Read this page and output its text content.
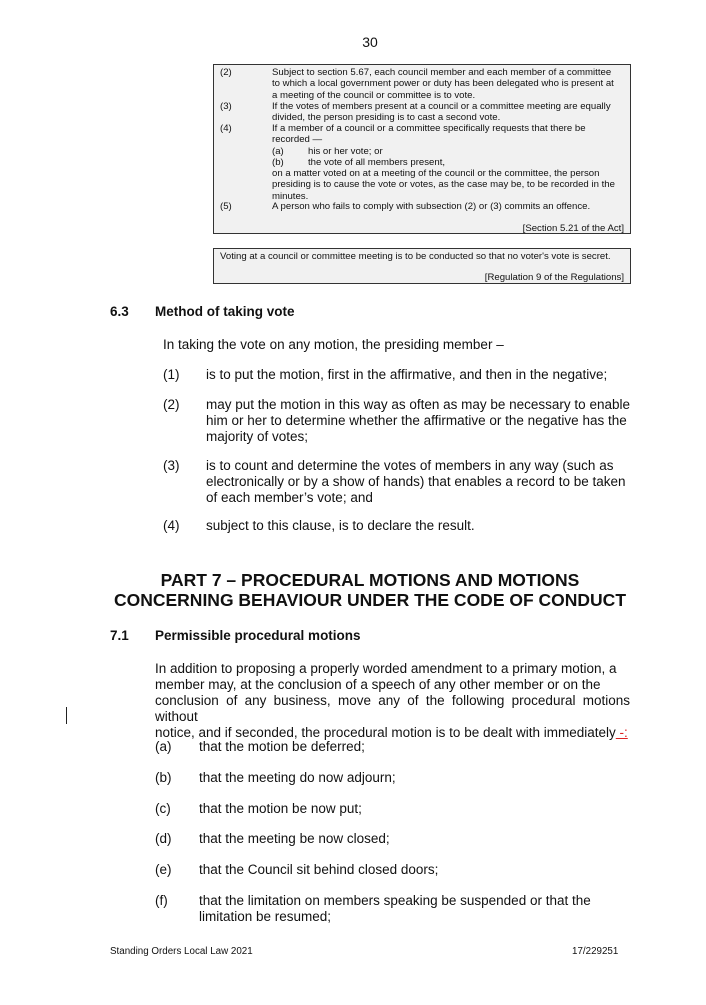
30
(2)	Subject to section 5.67, each council member and each member of a committee
to which a local government power or duty has been delegated who is present at
a meeting of the council or committee is to vote.
(3)	If the votes of members present at a council or a committee meeting are equally
divided, the person presiding is to cast a second vote.
(4)	If a member of a council or a committee specifically requests that there be
recorded —
(a)	his or her vote; or
(b)	the vote of all members present,
on a matter voted on at a meeting of the council or the committee, the person
presiding is to cause the vote or votes, as the case may be, to be recorded in the
minutes.
(5)	A person who fails to comply with subsection (2) or (3) commits an offence.
[Section 5.21 of the Act]
Voting at a council or committee meeting is to be conducted so that no voter's vote is secret.
[Regulation 9 of the Regulations]
6.3 Method of taking vote
In taking the vote on any motion, the presiding member –
(1) is to put the motion, first in the affirmative, and then in the negative;
(2) may put the motion in this way as often as may be necessary to enable
him or her to determine whether the affirmative or the negative has the
majority of votes;
(3) is to count and determine the votes of members in any way (such as
electronically or by a show of hands) that enables a record to be taken
of each member’s vote; and
(4) subject to this clause, is to declare the result.
PART 7 – PROCEDURAL MOTIONS AND MOTIONS
CONCERNING BEHAVIOUR UNDER THE CODE OF CONDUCT
7.1 Permissible procedural motions
In addition to proposing a properly worded amendment to a primary motion, a
member may, at the conclusion of a speech of any other member or on the
conclusion of any business, move any of the following procedural motions without
notice, and if seconded, the procedural motion is to be dealt with immediately -:
(a) that the motion be deferred;
(b) that the meeting do now adjourn;
(c) that the motion be now put;
(d) that the meeting be now closed;
(e) that the Council sit behind closed doors;
(f) that the limitation on members speaking be suspended or that the
limitation be resumed;
Standing Orders Local Law 2021	17/229251
